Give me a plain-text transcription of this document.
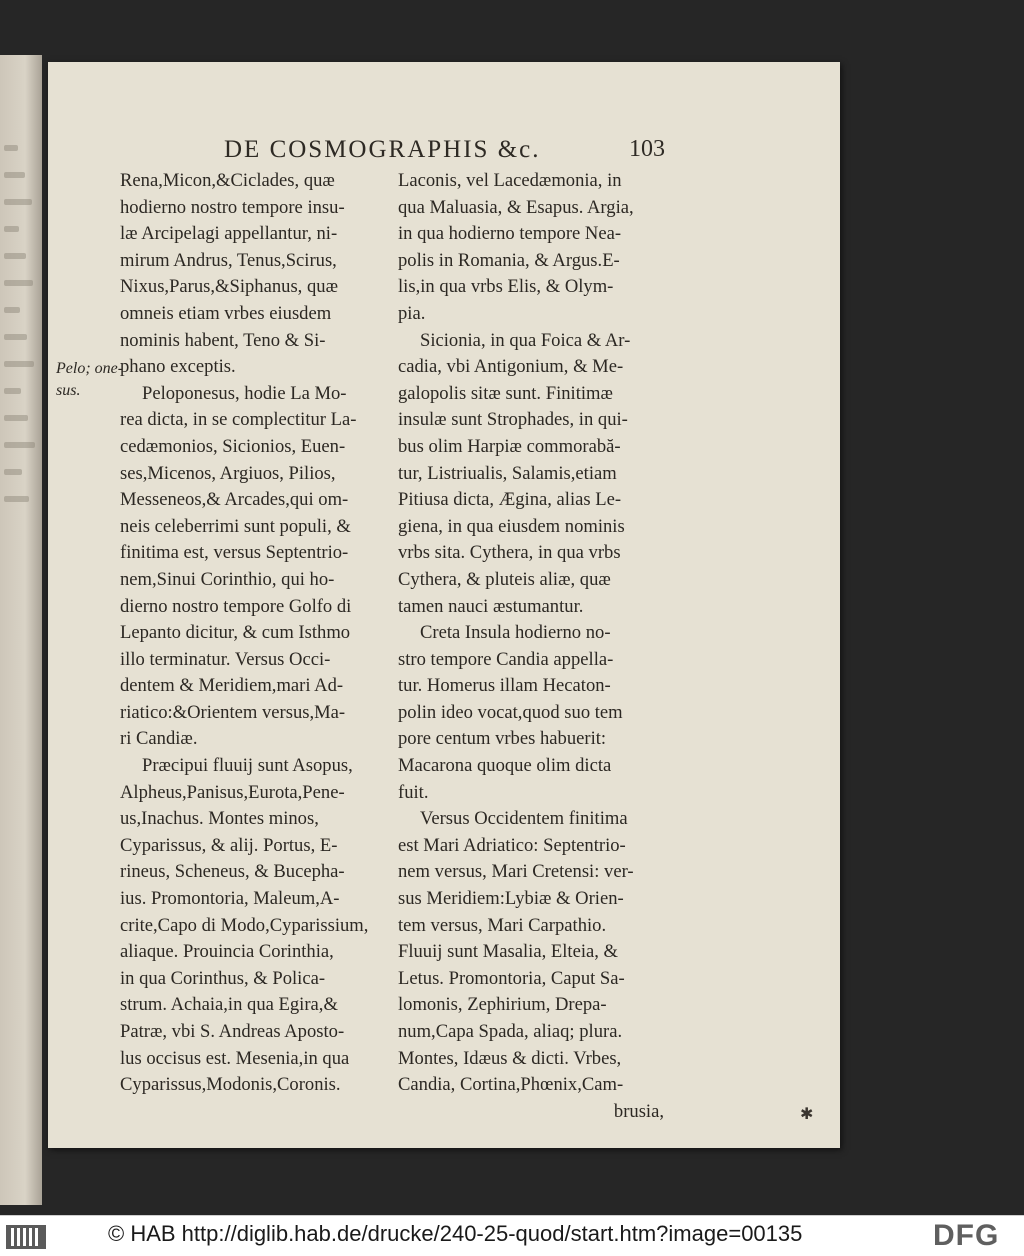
DE COSMOGRAPHIS &c.	103
Pelo; one-
sus.
Rena,Micon,&Ciclades, quæ
hodierno nostro tempore insu-
læ Arcipelagi appellantur, ni-
mirum Andrus, Tenus,Scirus,
Nixus,Parus,&Siphanus, quæ
omneis etiam vrbes eiusdem
nominis habent, Teno & Si-
phano exceptis.
Peloponesus, hodie La Mo-
rea dicta, in se complectitur La-
cedæmonios, Sicionios, Euen-
ses,Micenos, Argiuos, Pilios,
Messeneos,& Arcades,qui om-
neis celeberrimi sunt populi, &
finitima est, versus Septentrio-
nem,Sinui Corinthio, qui ho-
dierno nostro tempore Golfo di
Lepanto dicitur, & cum Isthmo
illo terminatur. Versus Occi-
dentem & Meridiem,mari Ad-
riatico:&Orientem versus,Ma-
ri Candiæ.
Præcipui fluuij sunt Asopus,
Alpheus,Panisus,Eurota,Pene-
us,Inachus. Montes minos,
Cyparissus, & alij. Portus, E-
rineus, Scheneus, & Bucepha-
ius. Promontoria, Maleum,A-
crite,Capo di Modo,Cyparissium,
aliaque. Prouincia Corinthia,
in qua Corinthus, & Polica-
strum. Achaia,in qua Egira,&
Patræ, vbi S. Andreas Aposto-
lus occisus est. Mesenia,in qua
Cyparissus,Modonis,Coronis.
Laconis, vel Lacedæmonia, in
qua Maluasia, & Esapus. Argia,
in qua hodierno tempore Nea-
polis in Romania, & Argus.E-
lis,in qua vrbs Elis, & Olym-
pia.
Sicionia, in qua Foica & Ar-
cadia, vbi Antigonium, & Me-
galopolis sitæ sunt. Finitimæ
insulæ sunt Strophades, in qui-
bus olim Harpiæ commorabă-
tur, Listriualis, Salamis,etiam
Pitiusa dicta, Ægina, alias Le-
giena, in qua eiusdem nominis
vrbs sita. Cythera, in qua vrbs
Cythera, & pluteis aliæ, quæ
tamen nauci æstumantur.
Creta Insula hodierno no-
stro tempore Candia appella-
tur. Homerus illam Hecaton-
polin ideo vocat,quod suo tem
pore centum vrbes habuerit:
Macarona quoque olim dicta
fuit.
Versus Occidentem finitima
est Mari Adriatico: Septentrio-
nem versus, Mari Cretensi: ver-
sus Meridiem:Lybiæ & Orien-
tem versus, Mari Carpathio.
Fluuij sunt Masalia, Elteia, &
Letus. Promontoria, Caput Sa-
lomonis, Zephirium, Drepa-
num,Capa Spada, aliaq; plura.
Montes, Idæus & dicti. Vrbes,
Candia, Cortina,Phœnix,Cam-
brusia,	✱
© HAB http://diglib.hab.de/drucke/240-25-quod/start.htm?image=00135	DFG
